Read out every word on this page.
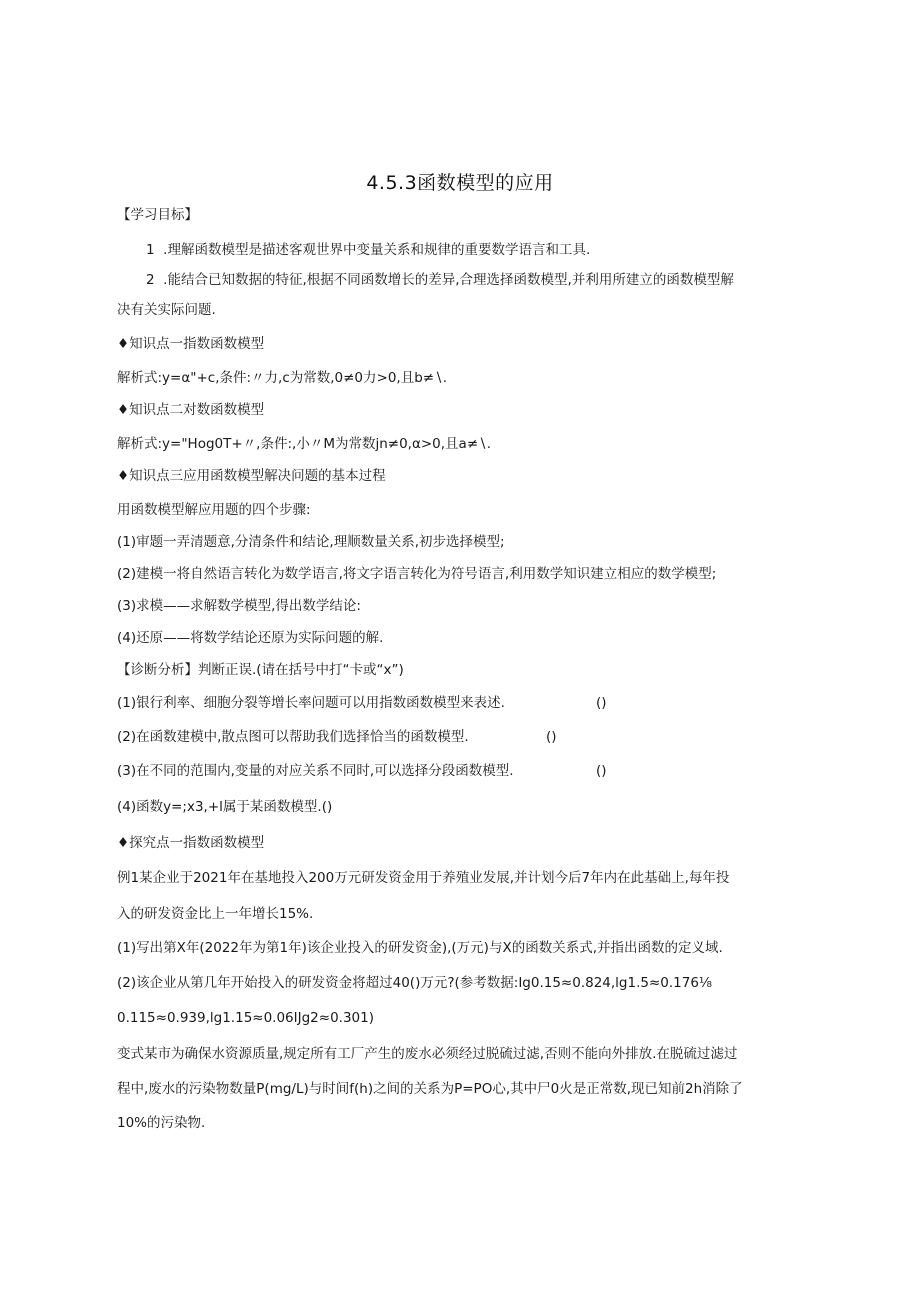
4.5.3函数模型的应用
【学习目标】
1  .理解函数模型是描述客观世界中变量关系和规律的重要数学语言和工具.
2  .能结合已知数据的特征,根据不同函数增长的差异,合理选择函数模型,并利用所建立的函数模型解
决有关实际问题.
♦知识点一指数函数模型
解析式:y=α"+c,条件:〃力,c为常数,0≠0力>0,且b≠∖.
♦知识点二对数函数模型
解析式:y="Hog0T+〃,条件:,小〃M为常数jn≠0,α>0,且a≠∖.
♦知识点三应用函数模型解决问题的基本过程
用函数模型解应用题的四个步骤:
(1)审题一弄清题意,分清条件和结论,理顺数量关系,初步选择模型;
(2)建模一将自然语言转化为数学语言,将文字语言转化为符号语言,利用数学知识建立相应的数学模型;
(3)求模——求解数学模型,得出数学结论:
(4)还原——将数学结论还原为实际问题的解.
【诊断分析】判断正误.(请在括号中打“卡或“x”)
(1)银行利率、细胞分裂等增长率问题可以用指数函数模型来表述.	()
(2)在函数建模中,散点图可以帮助我们选择恰当的函数模型.	()
(3)在不同的范围内,变量的对应关系不同时,可以选择分段函数模型.	()
(4)函数y=;x3,+l属于某函数模型.()
♦探究点一指数函数模型
例1某企业于2021年在基地投入200万元研发资金用于养殖业发展,并计划今后7年内在此基础上,每年投
入的研发资金比上一年增长15%.
(1)写出第X年(2022年为第1年)该企业投入的研发资金),(万元)与X的函数关系式,并指出函数的定义域.
(2)该企业从第几年开始投入的研发资金将超过40()万元?(参考数据:Ig0.15≈0.824,lg1.5≈0.176⅛
0.115≈0.939,lg1.15≈0.06IJg2≈0.301)
变式某市为确保水资源质量,规定所有工厂产生的废水必须经过脱硫过滤,否则不能向外排放.在脱硫过滤过
程中,废水的污染物数量P(mg/L)与时间f(h)之间的关系为P=PO心,其中尸0火是正常数,现已知前2h消除了
10%的污染物.
